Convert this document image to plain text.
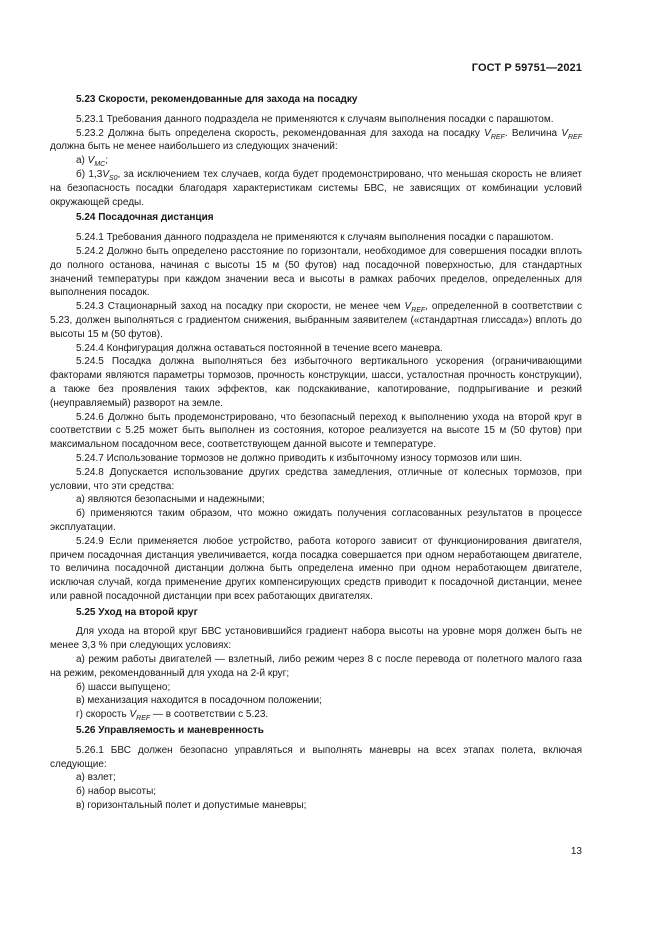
ГОСТ Р 59751—2021

5.23 Скорости, рекомендованные для захода на посадку

5.23.1 Требования данного подраздела не применяются к случаям выполнения посадки с парашютом.

5.23.2 Должна быть определена скорость, рекомендованная для захода на посадку $V_{REF}$. Величина $V_{REF}$ должна быть не менее наибольшего из следующих значений:

а) $V_{MC}$;

б) $1,3V_{S0}$, за исключением тех случаев, когда будет продемонстрировано, что меньшая скорость не влияет на безопасность посадки благодаря характеристикам системы БВС, не зависящих от комбинации условий окружающей среды.

5.24 Посадочная дистанция

5.24.1 Требования данного подраздела не применяются к случаям выполнения посадки с парашютом.

5.24.2 Должно быть определено расстояние по горизонтали, необходимое для совершения посадки вплоть до полного останова, начиная с высоты 15 м (50 футов) над посадочной поверхностью, для стандартных значений температуры при каждом значении веса и высоты в рамках рабочих пределов, определенных для выполнения посадок.

5.24.3 Стационарный заход на посадку при скорости, не менее чем $V_{REF}$, определенной в соответствии с 5.23, должен выполняться с градиентом снижения, выбранным заявителем («стандартная глиссада») вплоть до высоты 15 м (50 футов).

5.24.4 Конфигурация должна оставаться постоянной в течение всего маневра.

5.24.5 Посадка должна выполняться без избыточного вертикального ускорения (ограничивающими факторами являются параметры тормозов, прочность конструкции, шасси, усталостная прочность конструкции), а также без проявления таких эффектов, как подскакивание, капотирование, подпрыгивание и резкий (неуправляемый) разворот на земле.

5.24.6 Должно быть продемонстрировано, что безопасный переход к выполнению ухода на второй круг в соответствии с 5.25 может быть выполнен из состояния, которое реализуется на высоте 15 м (50 футов) при максимальном посадочном весе, соответствующем данной высоте и температуре.

5.24.7 Использование тормозов не должно приводить к избыточному износу тормозов или шин.

5.24.8 Допускается использование других средства замедления, отличные от колесных тормозов, при условии, что эти средства:

а) являются безопасными и надежными;

б) применяются таким образом, что можно ожидать получения согласованных результатов в процессе эксплуатации.

5.24.9 Если применяется любое устройство, работа которого зависит от функционирования двигателя, причем посадочная дистанция увеличивается, когда посадка совершается при одном неработающем двигателе, то величина посадочной дистанции должна быть определена именно при одном неработающем двигателе, исключая случай, когда применение других компенсирующих средств приводит к посадочной дистанции, менее или равной посадочной дистанции при всех работающих двигателях.

5.25 Уход на второй круг

Для ухода на второй круг БВС установившийся градиент набора высоты на уровне моря должен быть не менее 3,3 % при следующих условиях:

а) режим работы двигателей — взлетный, либо режим через 8 с после перевода от полетного малого газа на режим, рекомендованный для ухода на 2-й круг;

б) шасси выпущено;

в) механизация находится в посадочном положении;

г) скорость $V_{REF}$ — в соответствии с 5.23.

5.26 Управляемость и маневренность

5.26.1 БВС должен безопасно управляться и выполнять маневры на всех этапах полета, включая следующие:

а) взлет;

б) набор высоты;

в) горизонтальный полет и допустимые маневры;

13
